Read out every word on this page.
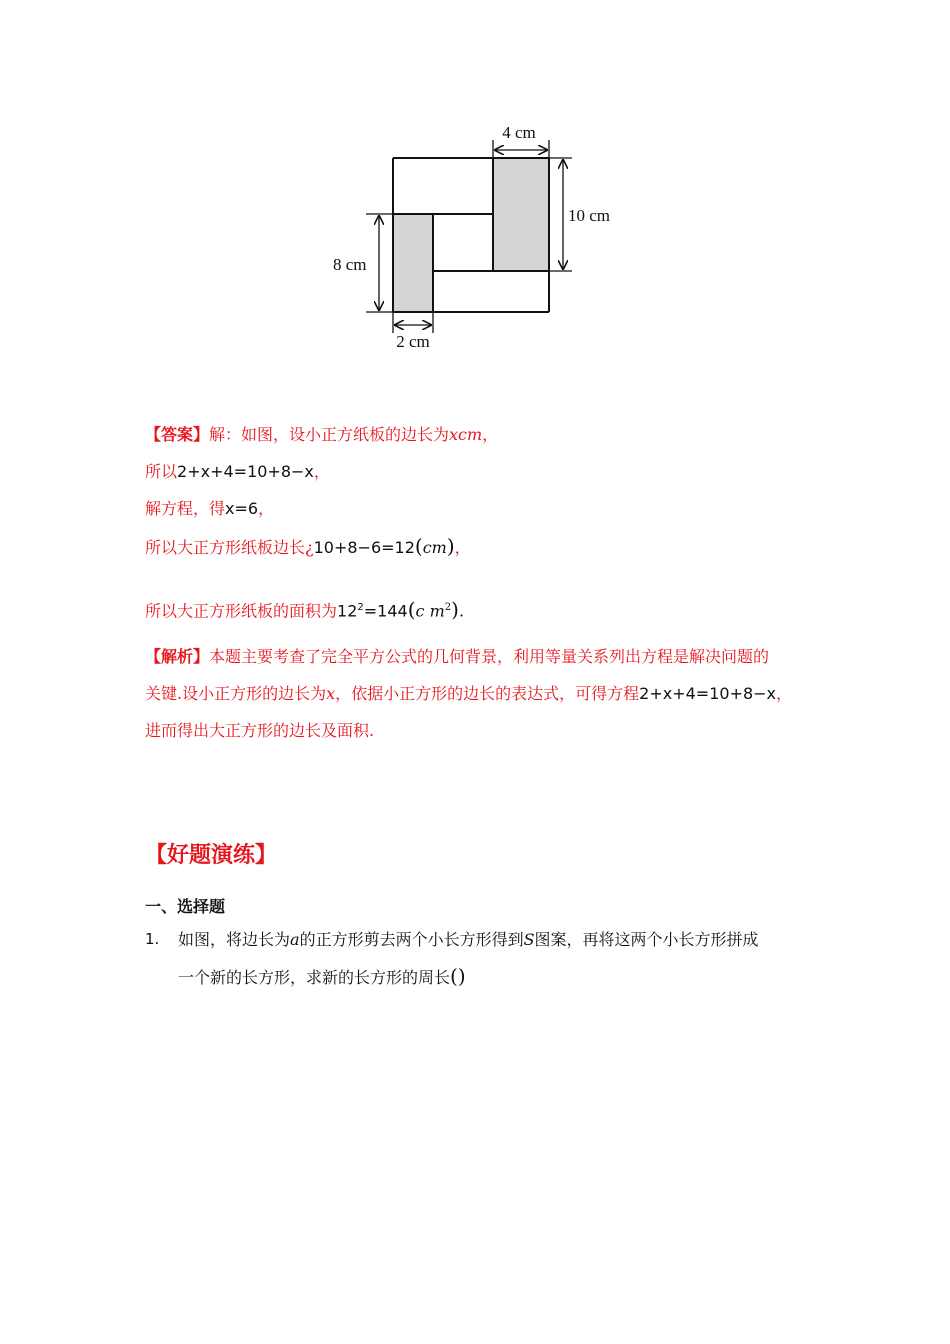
4 cm
10 cm
8 cm
2 cm
【答案】解：如图，设小正方纸板的边长为xcm，
所以2+x+4=10+8−x，
解方程，得x=6，
所以大正方形纸板边长¿10+8−6=12(cm)，
所以大正方形纸板的面积为$12^2=144(c$ $m^2$).
【解析】本题主要考查了完全平方公式的几何背景，利用等量关系列出方程是解决问题的
关键.设小正方形的边长为x，依据小正方形的边长的表达式，可得方程2+x+4=10+8−x，
进而得出大正方形的边长及面积.
【好题演练】
一、选择题
1. 如图，将边长为a的正方形剪去两个小长方形得到S图案，再将这两个小长方形拼成
一个新的长方形，求新的长方形的周长()
